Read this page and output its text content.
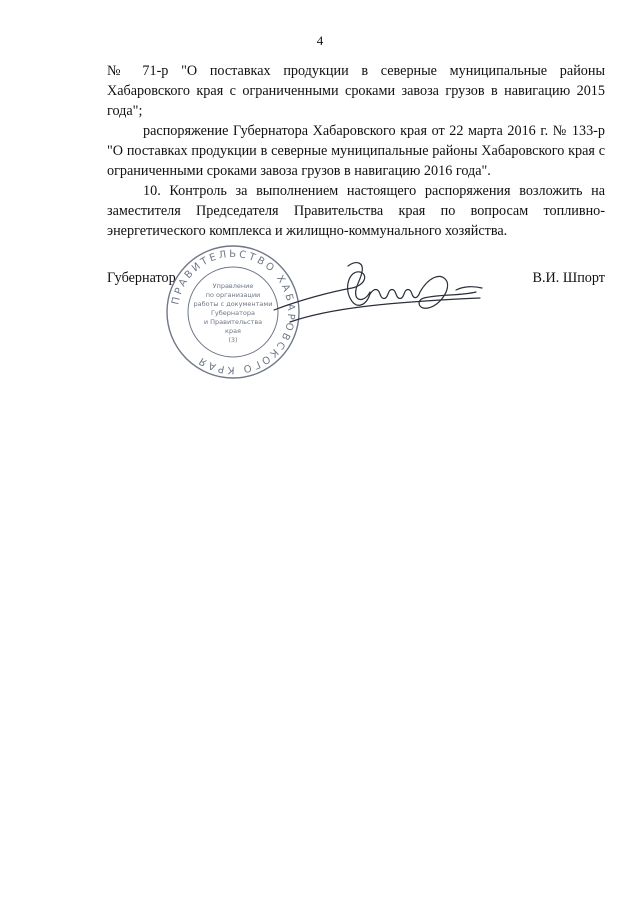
4

№ 71-р "О поставках продукции в северные муниципальные районы Хабаровского края с ограниченными сроками завоза грузов в навигацию 2015 года";

распоряжение Губернатора Хабаровского края от 22 марта 2016 г. № 133-р "О поставках продукции в северные муниципальные районы Хабаровского края с ограниченными сроками завоза грузов в навигацию 2016 года".

10. Контроль за выполнением настоящего распоряжения возложить на заместителя Председателя Правительства края по вопросам топливно-энергетического комплекса и жилищно-коммунального хозяйства.

Губернатор	В.И. Шпорт
ПРАВИТЕЛЬСТВО ХАБАРОВСКОГО КРАЯ
Управление
по организации
работы с документами
Губернатора
и Правительства
края
(3)
